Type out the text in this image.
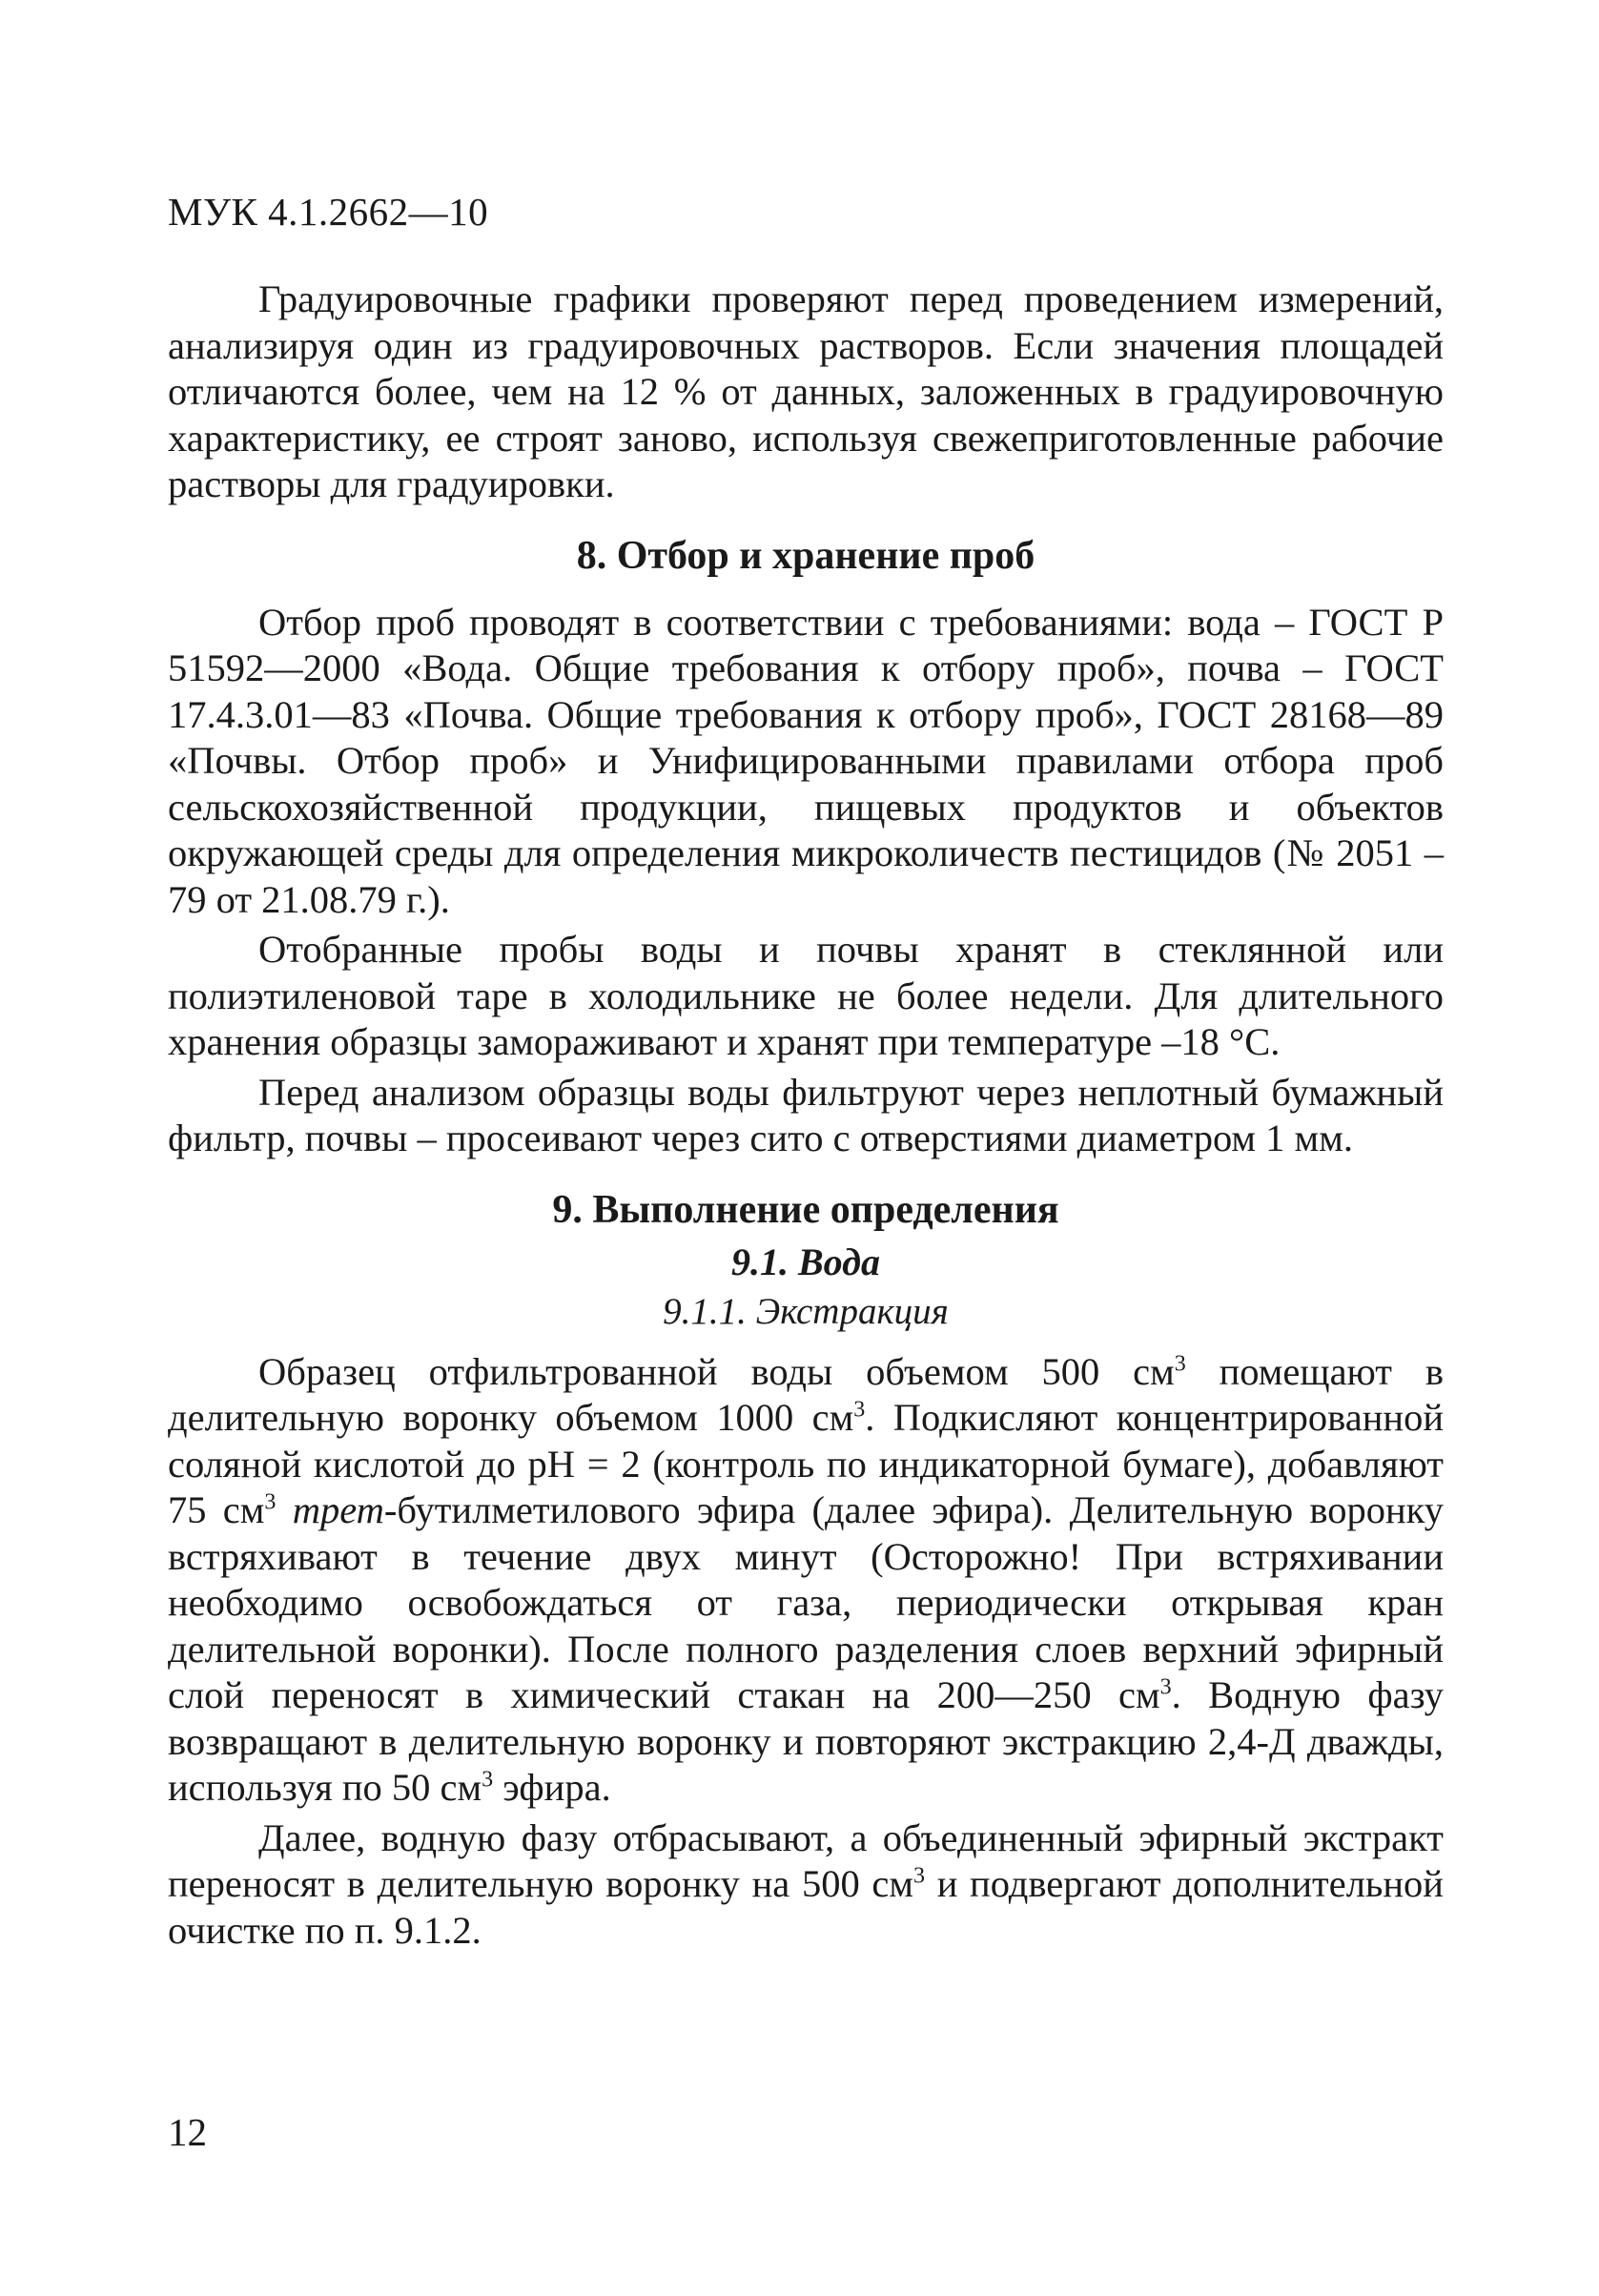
МУК 4.1.2662—10

Градуировочные графики проверяют перед проведением измерений, анализируя один из градуировочных растворов. Если значения площадей отличаются более, чем на 12 % от данных, заложенных в градуировочную характеристику, ее строят заново, используя свежеприготовленные рабочие растворы для градуировки.

8. Отбор и хранение проб

Отбор проб проводят в соответствии с требованиями: вода – ГОСТ Р 51592—2000 «Вода. Общие требования к отбору проб», почва – ГОСТ 17.4.3.01—83 «Почва. Общие требования к отбору проб», ГОСТ 28168—89 «Почвы. Отбор проб» и Унифицированными правилами отбора проб сельскохозяйственной продукции, пищевых продуктов и объектов окружающей среды для определения микроколичеств пестицидов (№ 2051 – 79 от 21.08.79 г.).

Отобранные пробы воды и почвы хранят в стеклянной или полиэтиленовой таре в холодильнике не более недели. Для длительного хранения образцы замораживают и хранят при температуре –18 °С.

Перед анализом образцы воды фильтруют через неплотный бумажный фильтр, почвы – просеивают через сито с отверстиями диаметром 1 мм.

9. Выполнение определения
9.1. Вода
9.1.1. Экстракция

Образец отфильтрованной воды объемом 500 $см^3$ помещают в делительную воронку объемом 1000 $см^3$. Подкисляют концентрированной соляной кислотой до pH = 2 (контроль по индикаторной бумаге), добавляют 75 $см^3$ трет-бутилметилового эфира (далее эфира). Делительную воронку встряхивают в течение двух минут (Осторожно! При встряхивании необходимо освобождаться от газа, периодически открывая кран делительной воронки). После полного разделения слоев верхний эфирный слой переносят в химический стакан на 200—250 $см^3$. Водную фазу возвращают в делительную воронку и повторяют экстракцию 2,4-Д дважды, используя по 50 $см^3$ эфира.

Далее, водную фазу отбрасывают, а объединенный эфирный экстракт переносят в делительную воронку на 500 $см^3$ и подвергают дополнительной очистке по п. 9.1.2.

12
